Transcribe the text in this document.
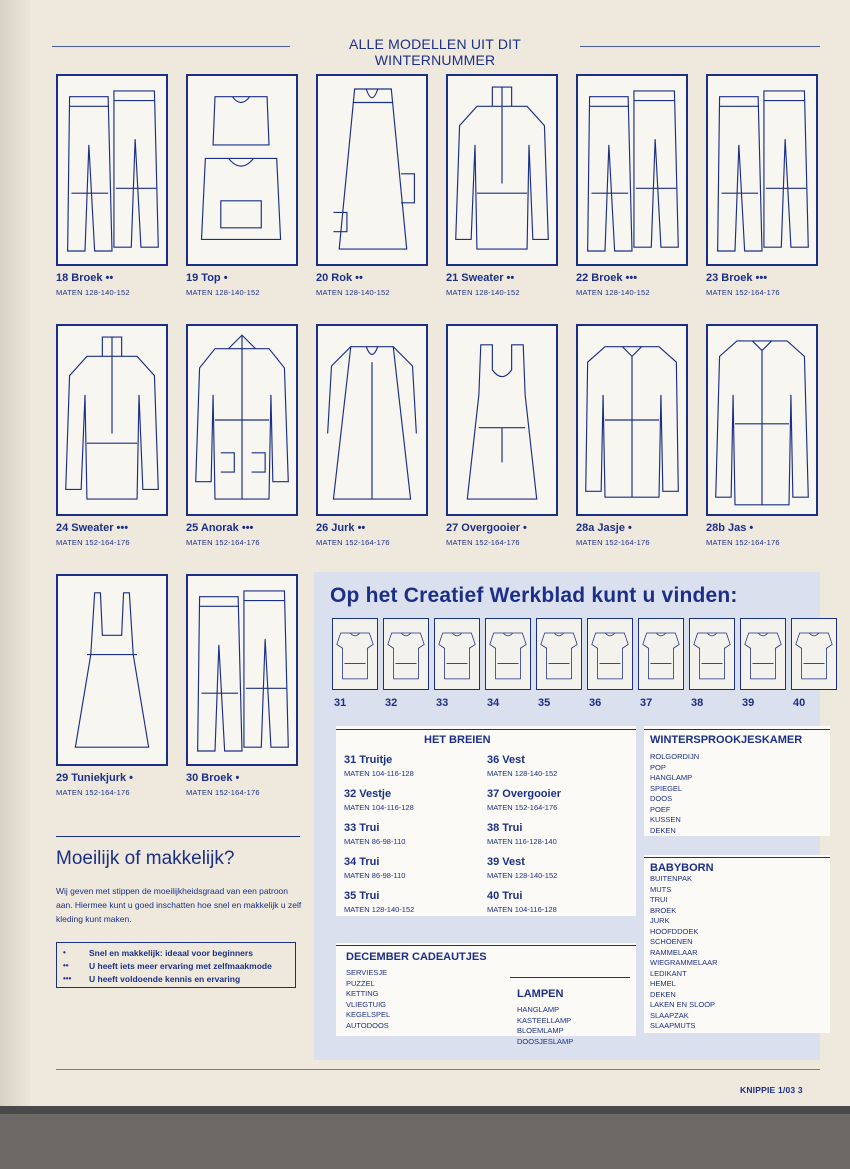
ALLE MODELLEN UIT DIT WINTERNUMMER
18 Broek ••
MATEN 128-140-152
19 Top •
MATEN 128-140-152
20 Rok ••
MATEN 128-140-152
21 Sweater ••
MATEN 128-140-152
22 Broek •••
MATEN 128-140-152
23 Broek •••
MATEN 152-164-176
24 Sweater •••
MATEN 152-164-176
25 Anorak •••
MATEN 152-164-176
26 Jurk ••
MATEN 152-164-176
27 Overgooier •
MATEN 152-164-176
28a Jasje •
MATEN 152-164-176
28b Jas •
MATEN 152-164-176
29 Tuniekjurk •
MATEN 152-164-176
30 Broek •
MATEN 152-164-176
Op het Creatief Werkblad kunt u vinden:
31	32	33	34	35	36	37	38	39	40
HET BREIEN
31 Truitje
MATEN 104-116-128
32 Vestje
MATEN 104-116-128
33 Trui
MATEN 86-98-110
34 Trui
MATEN 86-98-110
35 Trui
MATEN 128-140-152
36 Vest
MATEN 128-140-152
37 Overgooier
MATEN 152-164-176
38 Trui
MATEN 116-128-140
39 Vest
MATEN 128-140-152
40 Trui
MATEN 104-116-128
WINTERSPROOKJESKAMER
ROLGORDIJN
POP
HANGLAMP
SPIEGEL
DOOS
POEF
KUSSEN
DEKEN
BABYBORN
BUITENPAK
MUTS
TRUI
BROEK
JURK
HOOFDDOEK
SCHOENEN
RAMMELAAR
WIEGRAMMELAAR
LEDIKANT
HEMEL
DEKEN
LAKEN EN SLOOP
SLAAPZAK
SLAAPMUTS
DECEMBER CADEAUTJES
SERVIESJE
PUZZEL
KETTING
VLIEGTUIG
KEGELSPEL
AUTODOOS
LAMPEN
HANGLAMP
KASTEELLAMP
BLOEMLAMP
DOOSJESLAMP
Moeilijk of makkelijk?
Wij geven met stippen de moeilijkheidsgraad van een patroon aan. Hiermee kunt u goed inschatten hoe snel en makkelijk u zelf kleding kunt maken.
•	Snel en makkelijk: ideaal voor beginners
•• U heeft iets meer ervaring met zelfmaakmode
••• U heeft voldoende kennis en ervaring
KNIPPIE 1/03 3
